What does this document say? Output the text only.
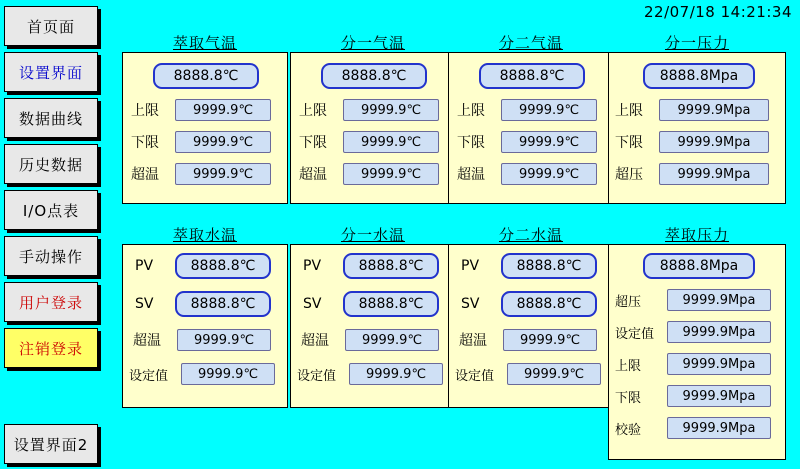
22/07/18 14:21:34
首页面
设置界面
数据曲线
历史数据
I/O点表
手动操作
用户登录
注销登录
设置界面2
萃取气温
8888.8℃
上限	9999.9℃
下限	9999.9℃
超温	9999.9℃
分一气温
8888.8℃
上限	9999.9℃
下限	9999.9℃
超温	9999.9℃
分二气温
8888.8℃
上限	9999.9℃
下限	9999.9℃
超温	9999.9℃
分一压力
8888.8Mpa
上限	9999.9Mpa
下限	9999.9Mpa
超压	9999.9Mpa
萃取水温
PV	8888.8℃
SV	8888.8℃
超温	9999.9℃
设定值	9999.9℃
分一水温
PV	8888.8℃
SV	8888.8℃
超温	9999.9℃
设定值	9999.9℃
分二水温
PV	8888.8℃
SV	8888.8℃
超温	9999.9℃
设定值	9999.9℃
萃取压力
8888.8Mpa
超压	9999.9Mpa
设定值	9999.9Mpa
上限	9999.9Mpa
下限	9999.9Mpa
校验	9999.9Mpa
